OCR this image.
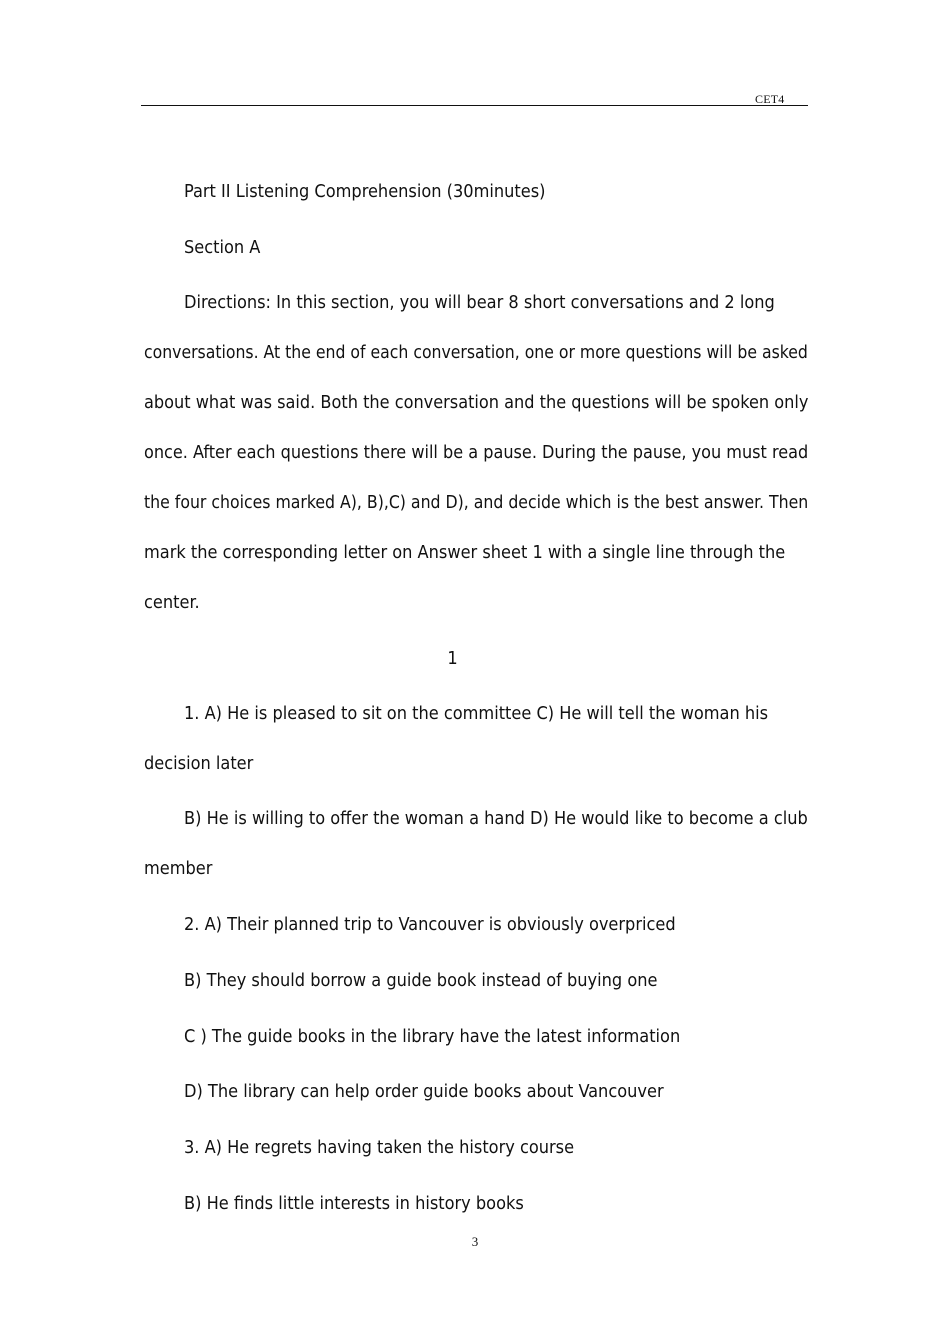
CET4
Part II Listening Comprehension (30minutes)
Section A
Directions: In this section, you will bear 8 short conversations and 2 long
conversations. At the end of each conversation, one or more questions will be asked
about what was said. Both the conversation and the questions will be spoken only
once. After each questions there will be a pause. During the pause, you must read
the four choices marked A), B),C) and D), and decide which is the best answer. Then
mark the corresponding letter on Answer sheet 1 with a single line through the
center.
1
1. A) He is pleased to sit on the committee C) He will tell the woman his
decision later
B) He is willing to offer the woman a hand D) He would like to become a club
member
2. A) Their planned trip to Vancouver is obviously overpriced
B) They should borrow a guide book instead of buying one
C ) The guide books in the library have the latest information
D) The library can help order guide books about Vancouver
3. A) He regrets having taken the history course
B) He finds little interests in history books
3
